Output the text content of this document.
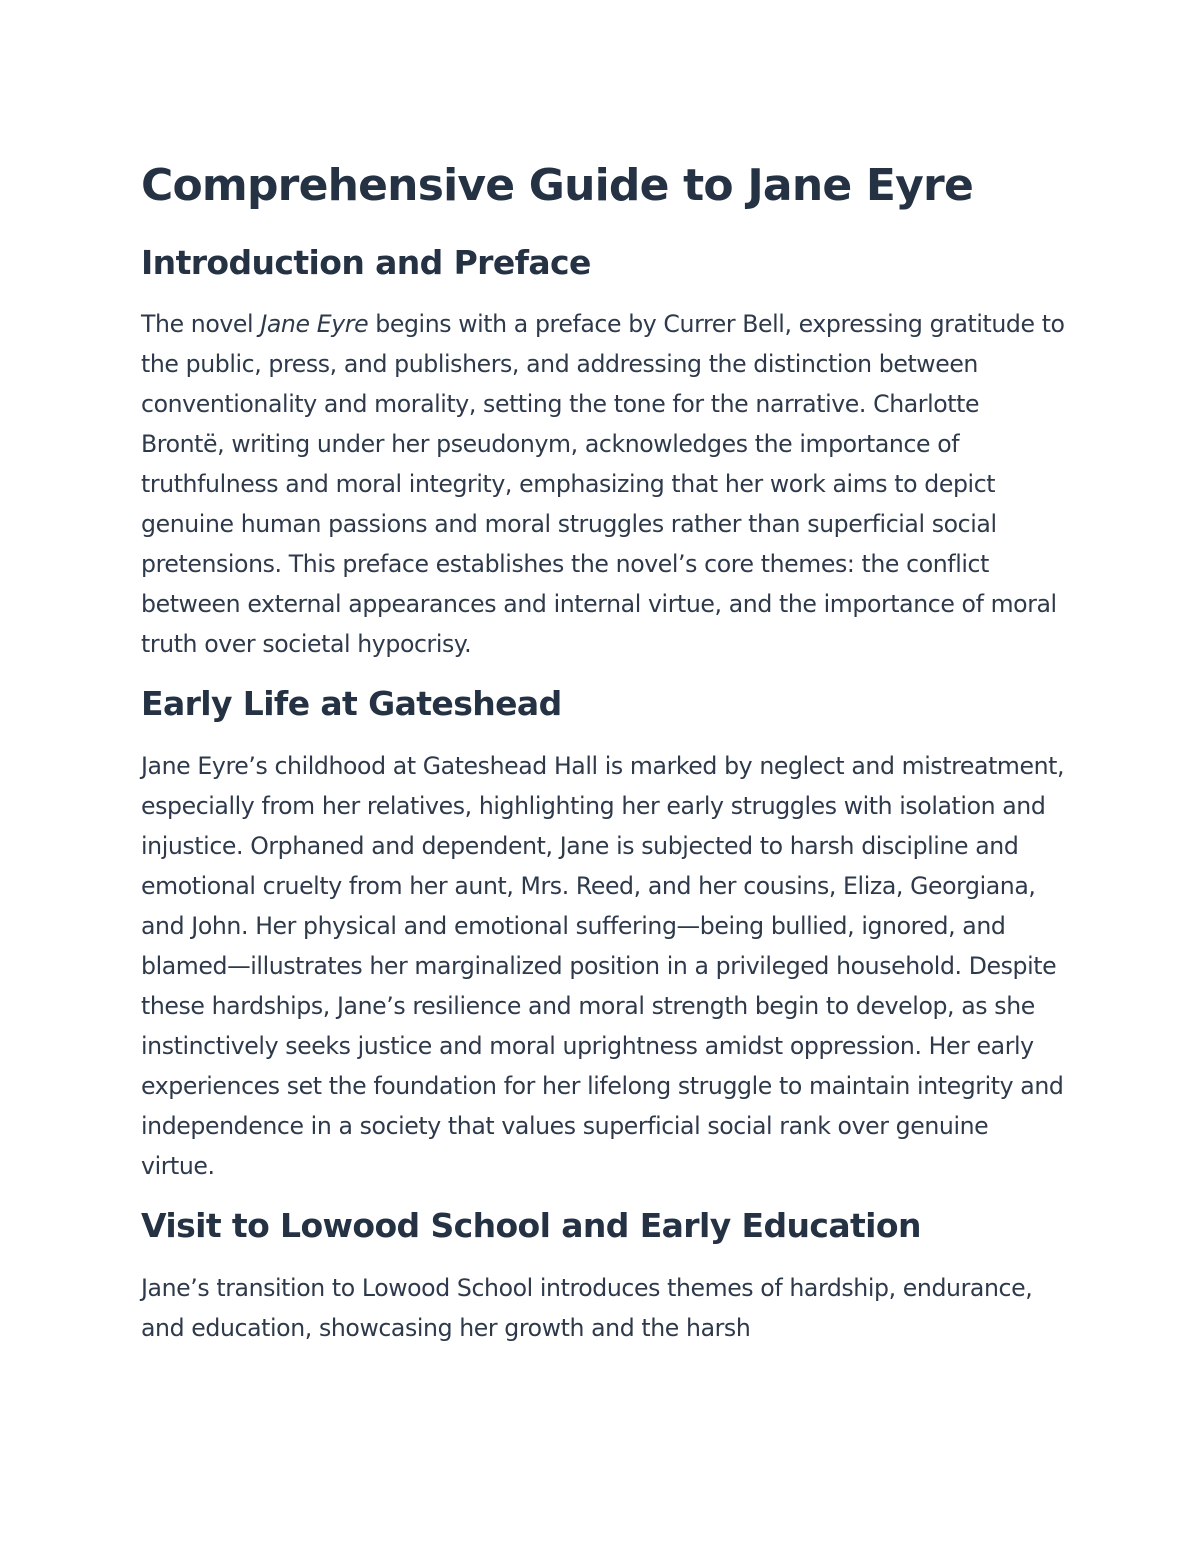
Comprehensive Guide to Jane Eyre
Introduction and Preface

The novel Jane Eyre begins with a preface by Currer Bell, expressing gratitude to the public, press, and publishers, and addressing the distinction between conventionality and morality, setting the tone for the narrative. Charlotte Brontë, writing under her pseudonym, acknowledges the importance of truthfulness and moral integrity, emphasizing that her work aims to depict genuine human passions and moral struggles rather than superficial social pretensions. This preface establishes the novel’s core themes: the conflict between external appearances and internal virtue, and the importance of moral truth over societal hypocrisy.

Early Life at Gateshead

Jane Eyre’s childhood at Gateshead Hall is marked by neglect and mistreatment, especially from her relatives, highlighting her early struggles with isolation and injustice. Orphaned and dependent, Jane is subjected to harsh discipline and emotional cruelty from her aunt, Mrs. Reed, and her cousins, Eliza, Georgiana, and John. Her physical and emotional suffering—being bullied, ignored, and blamed—illustrates her marginalized position in a privileged household. Despite these hardships, Jane’s resilience and moral strength begin to develop, as she instinctively seeks justice and moral uprightness amidst oppression. Her early experiences set the foundation for her lifelong struggle to maintain integrity and independence in a society that values superficial social rank over genuine virtue.

Visit to Lowood School and Early Education

Jane’s transition to Lowood School introduces themes of hardship, endurance, and education, showcasing her growth and the harsh
